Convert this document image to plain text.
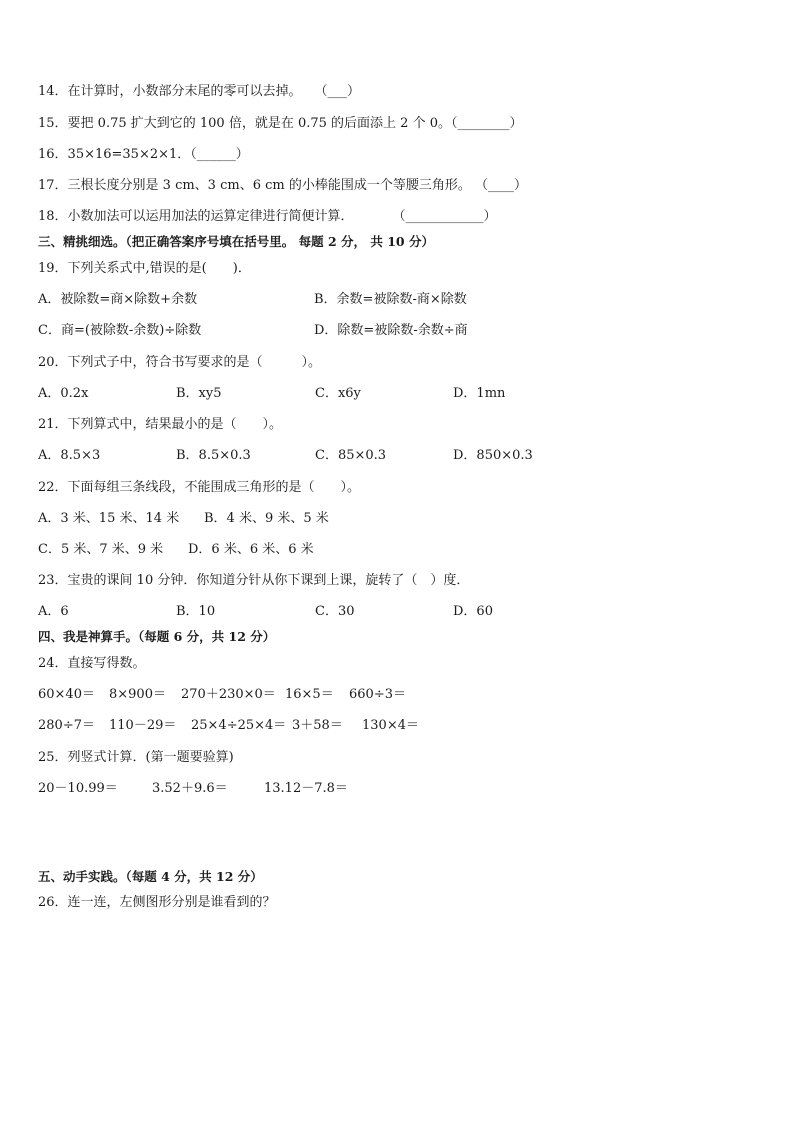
14．在计算时，小数部分末尾的零可以去掉。　　（___）
15．要把 0.75 扩大到它的 100 倍，就是在 0.75 的后面添上 2 个 0。（________）
16．35×16=35×2×1．（______）
17．三根长度分别是 3 cm、3 cm、6 cm 的小棒能围成一个等腰三角形。 （____）
18．小数加法可以运用加法的运算定律进行简便计算．　　　　（____________）
三、精挑细选。（把正确答案序号填在括号里。 每题 2 分， 共 10 分）
19．下列关系式中,错误的是(　　)．
A．被除数=商×除数+余数	B．余数=被除数-商×除数
C．商=(被除数-余数)÷除数	D．除数=被除数-余数÷商
20．下列式子中，符合书写要求的是（　　　）。
A．0.2x	B．xy5	C．x6y	D．1mn
21．下列算式中，结果最小的是（　　）。
A．8.5×3	B．8.5×0.3	C．85×0.3	D．850×0.3
22．下面每组三条线段，不能围成三角形的是（　　）。
A．3 米、15 米、14 米 B．4 米、9 米、5 米
C．5 米、7 米、9 米 D．6 米、6 米、6 米
23．宝贵的课间 10 分钟．你知道分针从你下课到上课，旋转了（　）度．
A．6	B．10	C．30	D．60
四、我是神算手。（每题 6 分，共 12 分）
24．直接写得数。
60×40＝ 8×900＝ 270＋230×0＝ 16×5＝ 660÷3＝
280÷7＝ 110－29＝ 25×4÷25×4＝ 3＋58＝ 130×4＝
25．列竖式计算．(第一题要验算)
20－10.99＝	3.52＋9.6＝	13.12－7.8＝
五、动手实践。（每题 4 分，共 12 分）
26．连一连，左侧图形分别是谁看到的？
